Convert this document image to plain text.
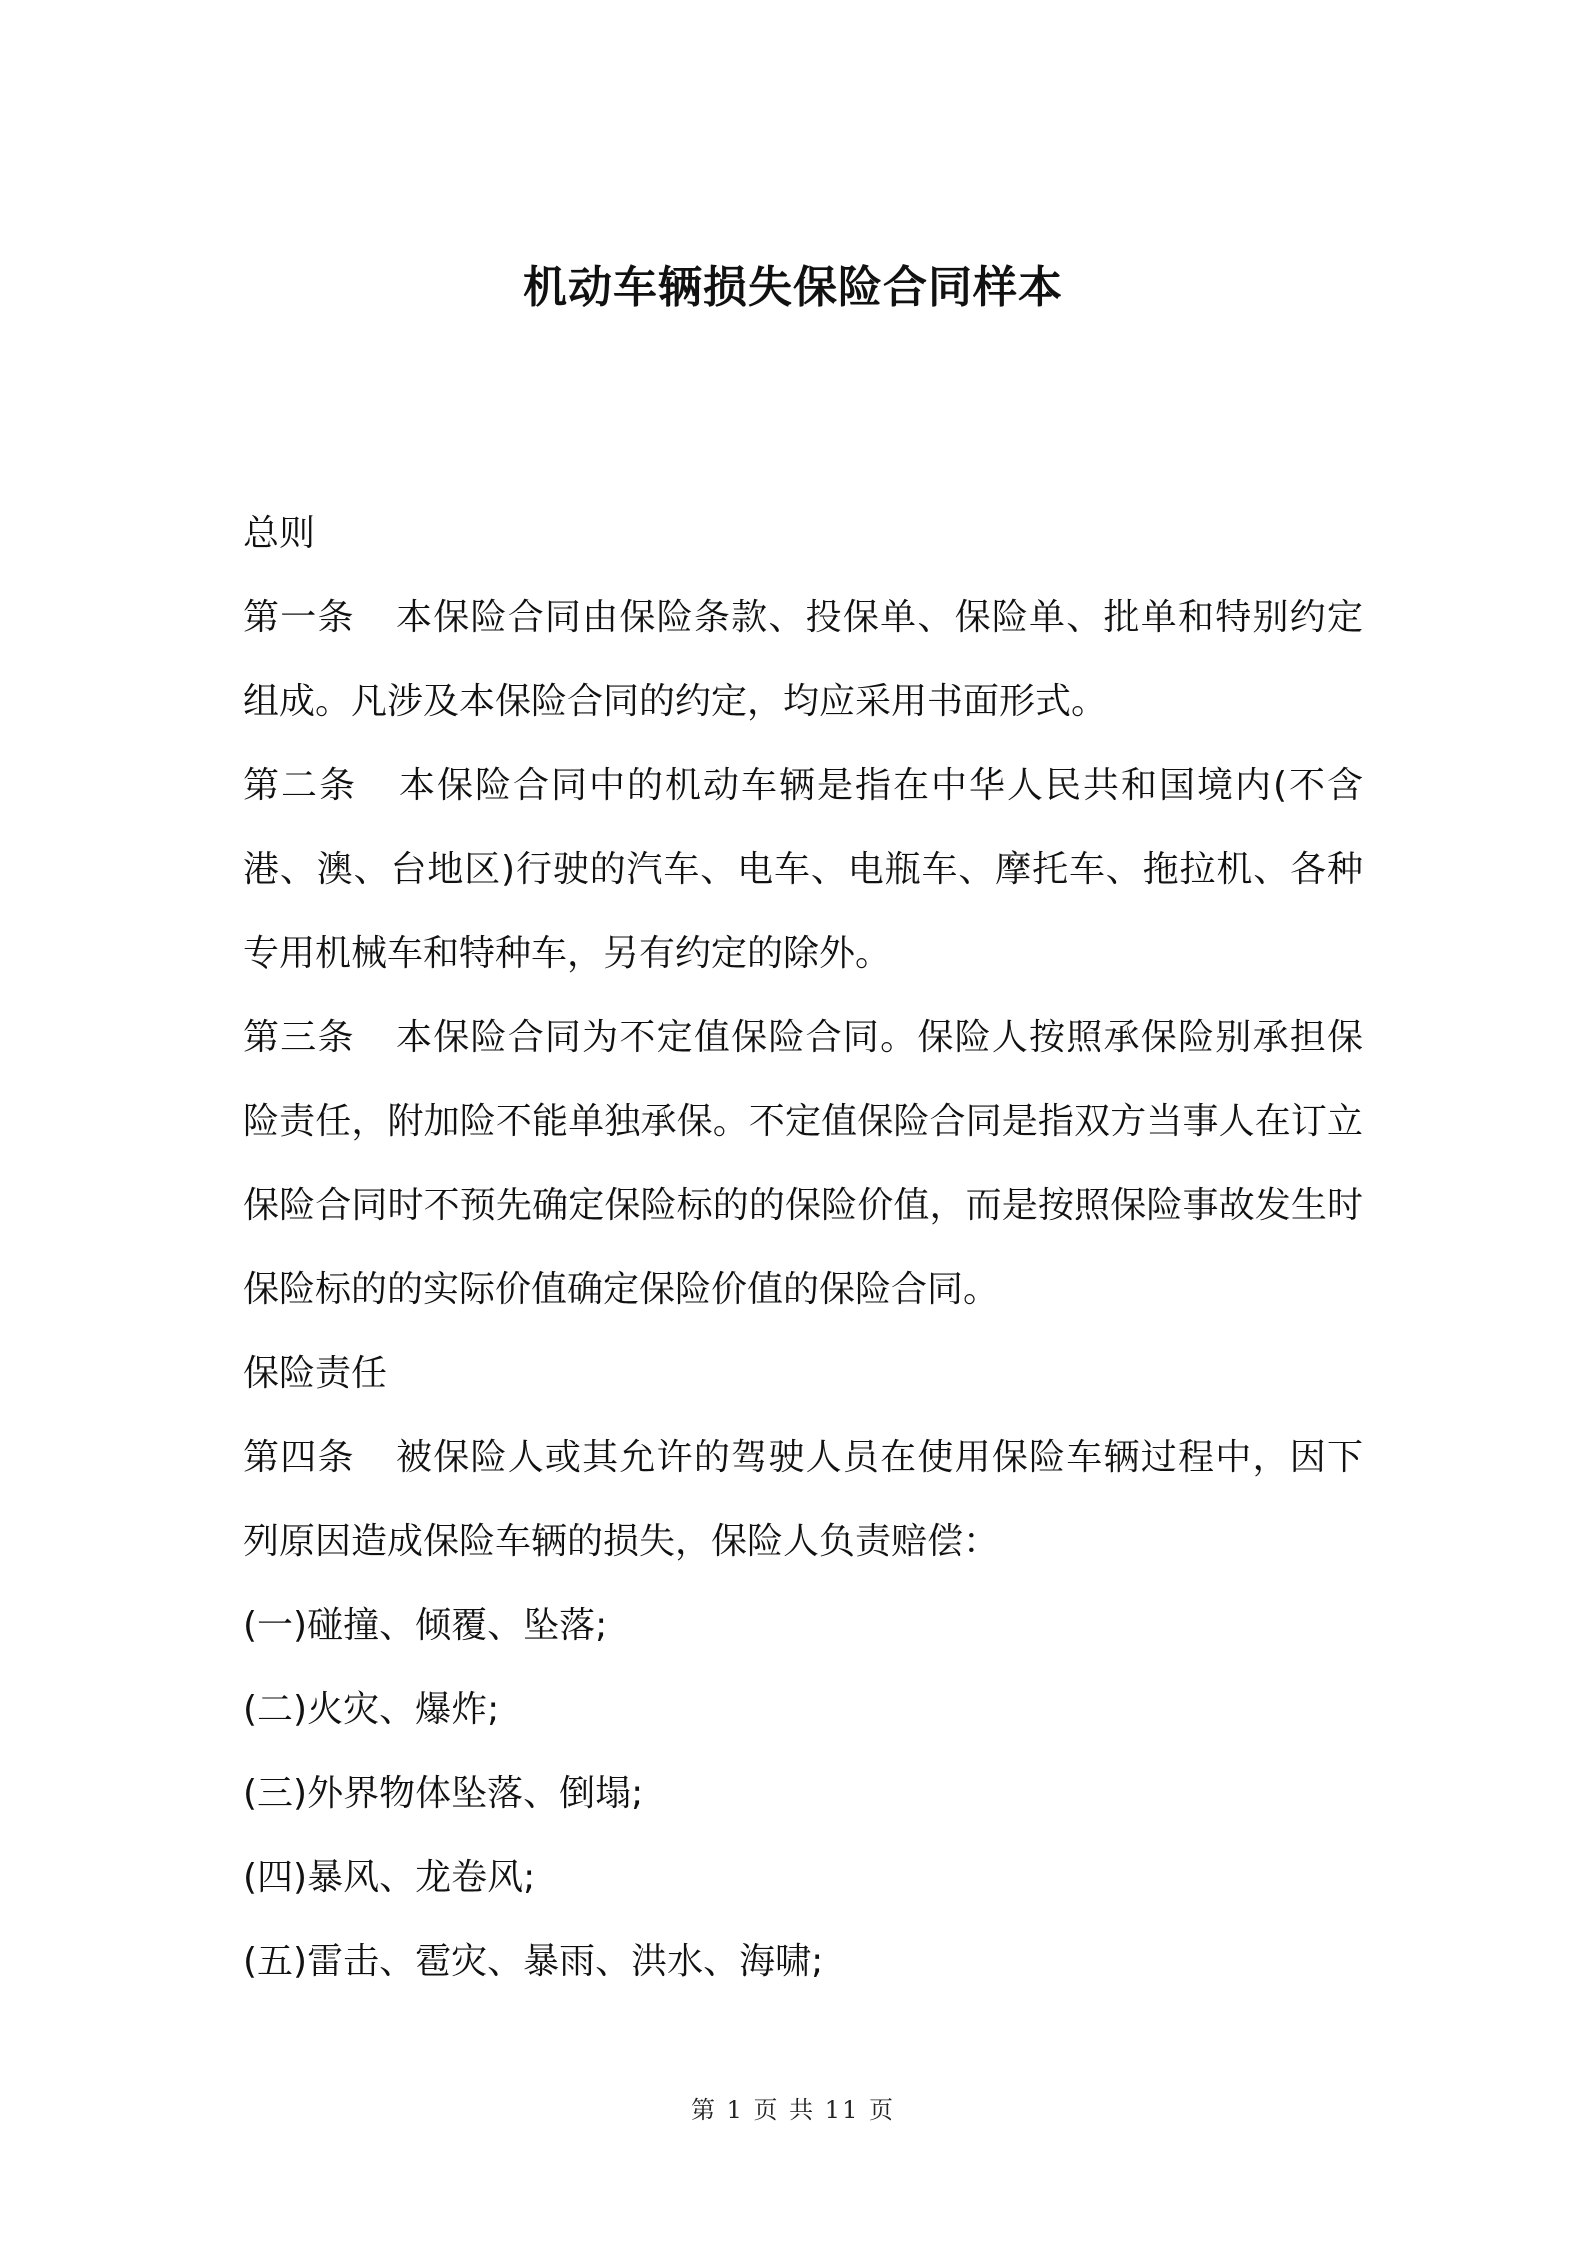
机动车辆损失保险合同样本

总则

第一条 本保险合同由保险条款、投保单、保险单、批单和特别约定组成。凡涉及本保险合同的约定，均应采用书面形式。

第二条 本保险合同中的机动车辆是指在中华人民共和国境内(不含港、澳、台地区)行驶的汽车、电车、电瓶车、摩托车、拖拉机、各种专用机械车和特种车，另有约定的除外。

第三条 本保险合同为不定值保险合同。保险人按照承保险别承担保险责任，附加险不能单独承保。不定值保险合同是指双方当事人在订立保险合同时不预先确定保险标的的保险价值，而是按照保险事故发生时保险标的的实际价值确定保险价值的保险合同。

保险责任

第四条 被保险人或其允许的驾驶人员在使用保险车辆过程中，因下列原因造成保险车辆的损失，保险人负责赔偿：

(一)碰撞、倾覆、坠落;

(二)火灾、爆炸;

(三)外界物体坠落、倒塌;

(四)暴风、龙卷风;

(五)雷击、雹灾、暴雨、洪水、海啸;

第 1 页 共 11 页
